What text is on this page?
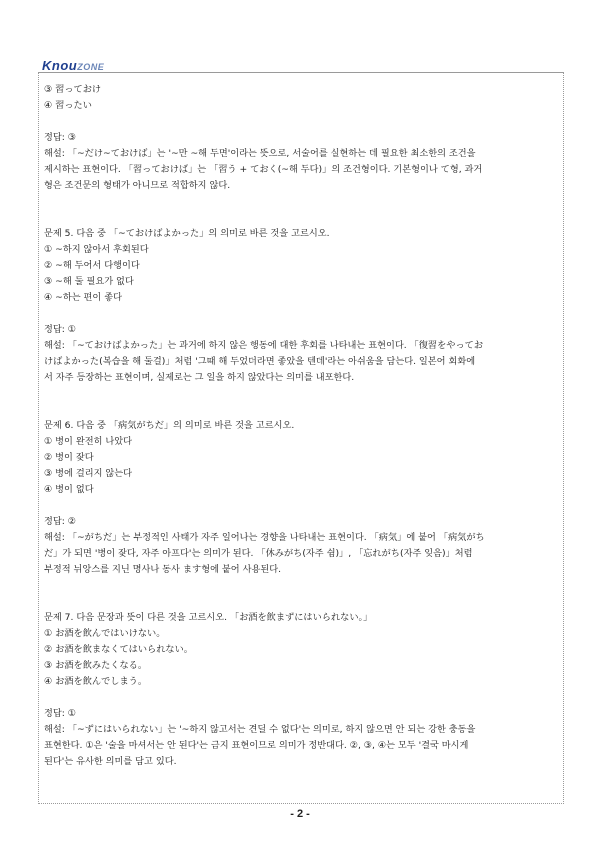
KnouZONE
③ 習っておけ
④ 習ったい
정답: ③
해설: 「~だけ~ておけば」는 '~만 ~해 두면'이라는 뜻으로, 서술어를 실현하는 데 필요한 최소한의 조건을
제시하는 표현이다. 「習っておけば」는 「習う + ておく(~해 두다)」의 조건형이다. 기본형이나 て형, 과거
형은 조건문의 형태가 아니므로 적합하지 않다.
문제 5. 다음 중 「~ておけばよかった」의 의미로 바른 것을 고르시오.
① ~하지 않아서 후회된다
② ~해 두어서 다행이다
③ ~해 둘 필요가 없다
④ ~하는 편이 좋다
정답: ①
해설: 「~ておけばよかった」는 과거에 하지 않은 행동에 대한 후회를 나타내는 표현이다. 「復習をやってお
けばよかった(복습을 해 둘걸)」처럼 '그때 해 두었더라면 좋았을 텐데'라는 아쉬움을 담는다. 일본어 회화에
서 자주 등장하는 표현이며, 실제로는 그 일을 하지 않았다는 의미를 내포한다.
문제 6. 다음 중 「病気がちだ」의 의미로 바른 것을 고르시오.
① 병이 완전히 나았다
② 병이 잦다
③ 병에 걸리지 않는다
④ 병이 없다
정답: ②
해설: 「~がちだ」는 부정적인 사태가 자주 일어나는 경향을 나타내는 표현이다. 「病気」에 붙어 「病気がち
だ」가 되면 '병이 잦다, 자주 아프다'는 의미가 된다. 「休みがち(자주 쉼)」, 「忘れがち(자주 잊음)」처럼
부정적 뉘앙스를 지닌 명사나 동사 ます형에 붙어 사용된다.
문제 7. 다음 문장과 뜻이 다른 것을 고르시오. 「お酒を飲まずにはいられない。」
① お酒を飲んではいけない。
② お酒を飲まなくてはいられない。
③ お酒を飲みたくなる。
④ お酒を飲んでしまう。
정답: ①
해설: 「~ずにはいられない」는 '~하지 않고서는 견딜 수 없다'는 의미로, 하지 않으면 안 되는 강한 충동을
표현한다. ①은 '술을 마셔서는 안 된다'는 금지 표현이므로 의미가 정반대다. ②, ③, ④는 모두 '결국 마시게
된다'는 유사한 의미를 담고 있다.
- 2 -
